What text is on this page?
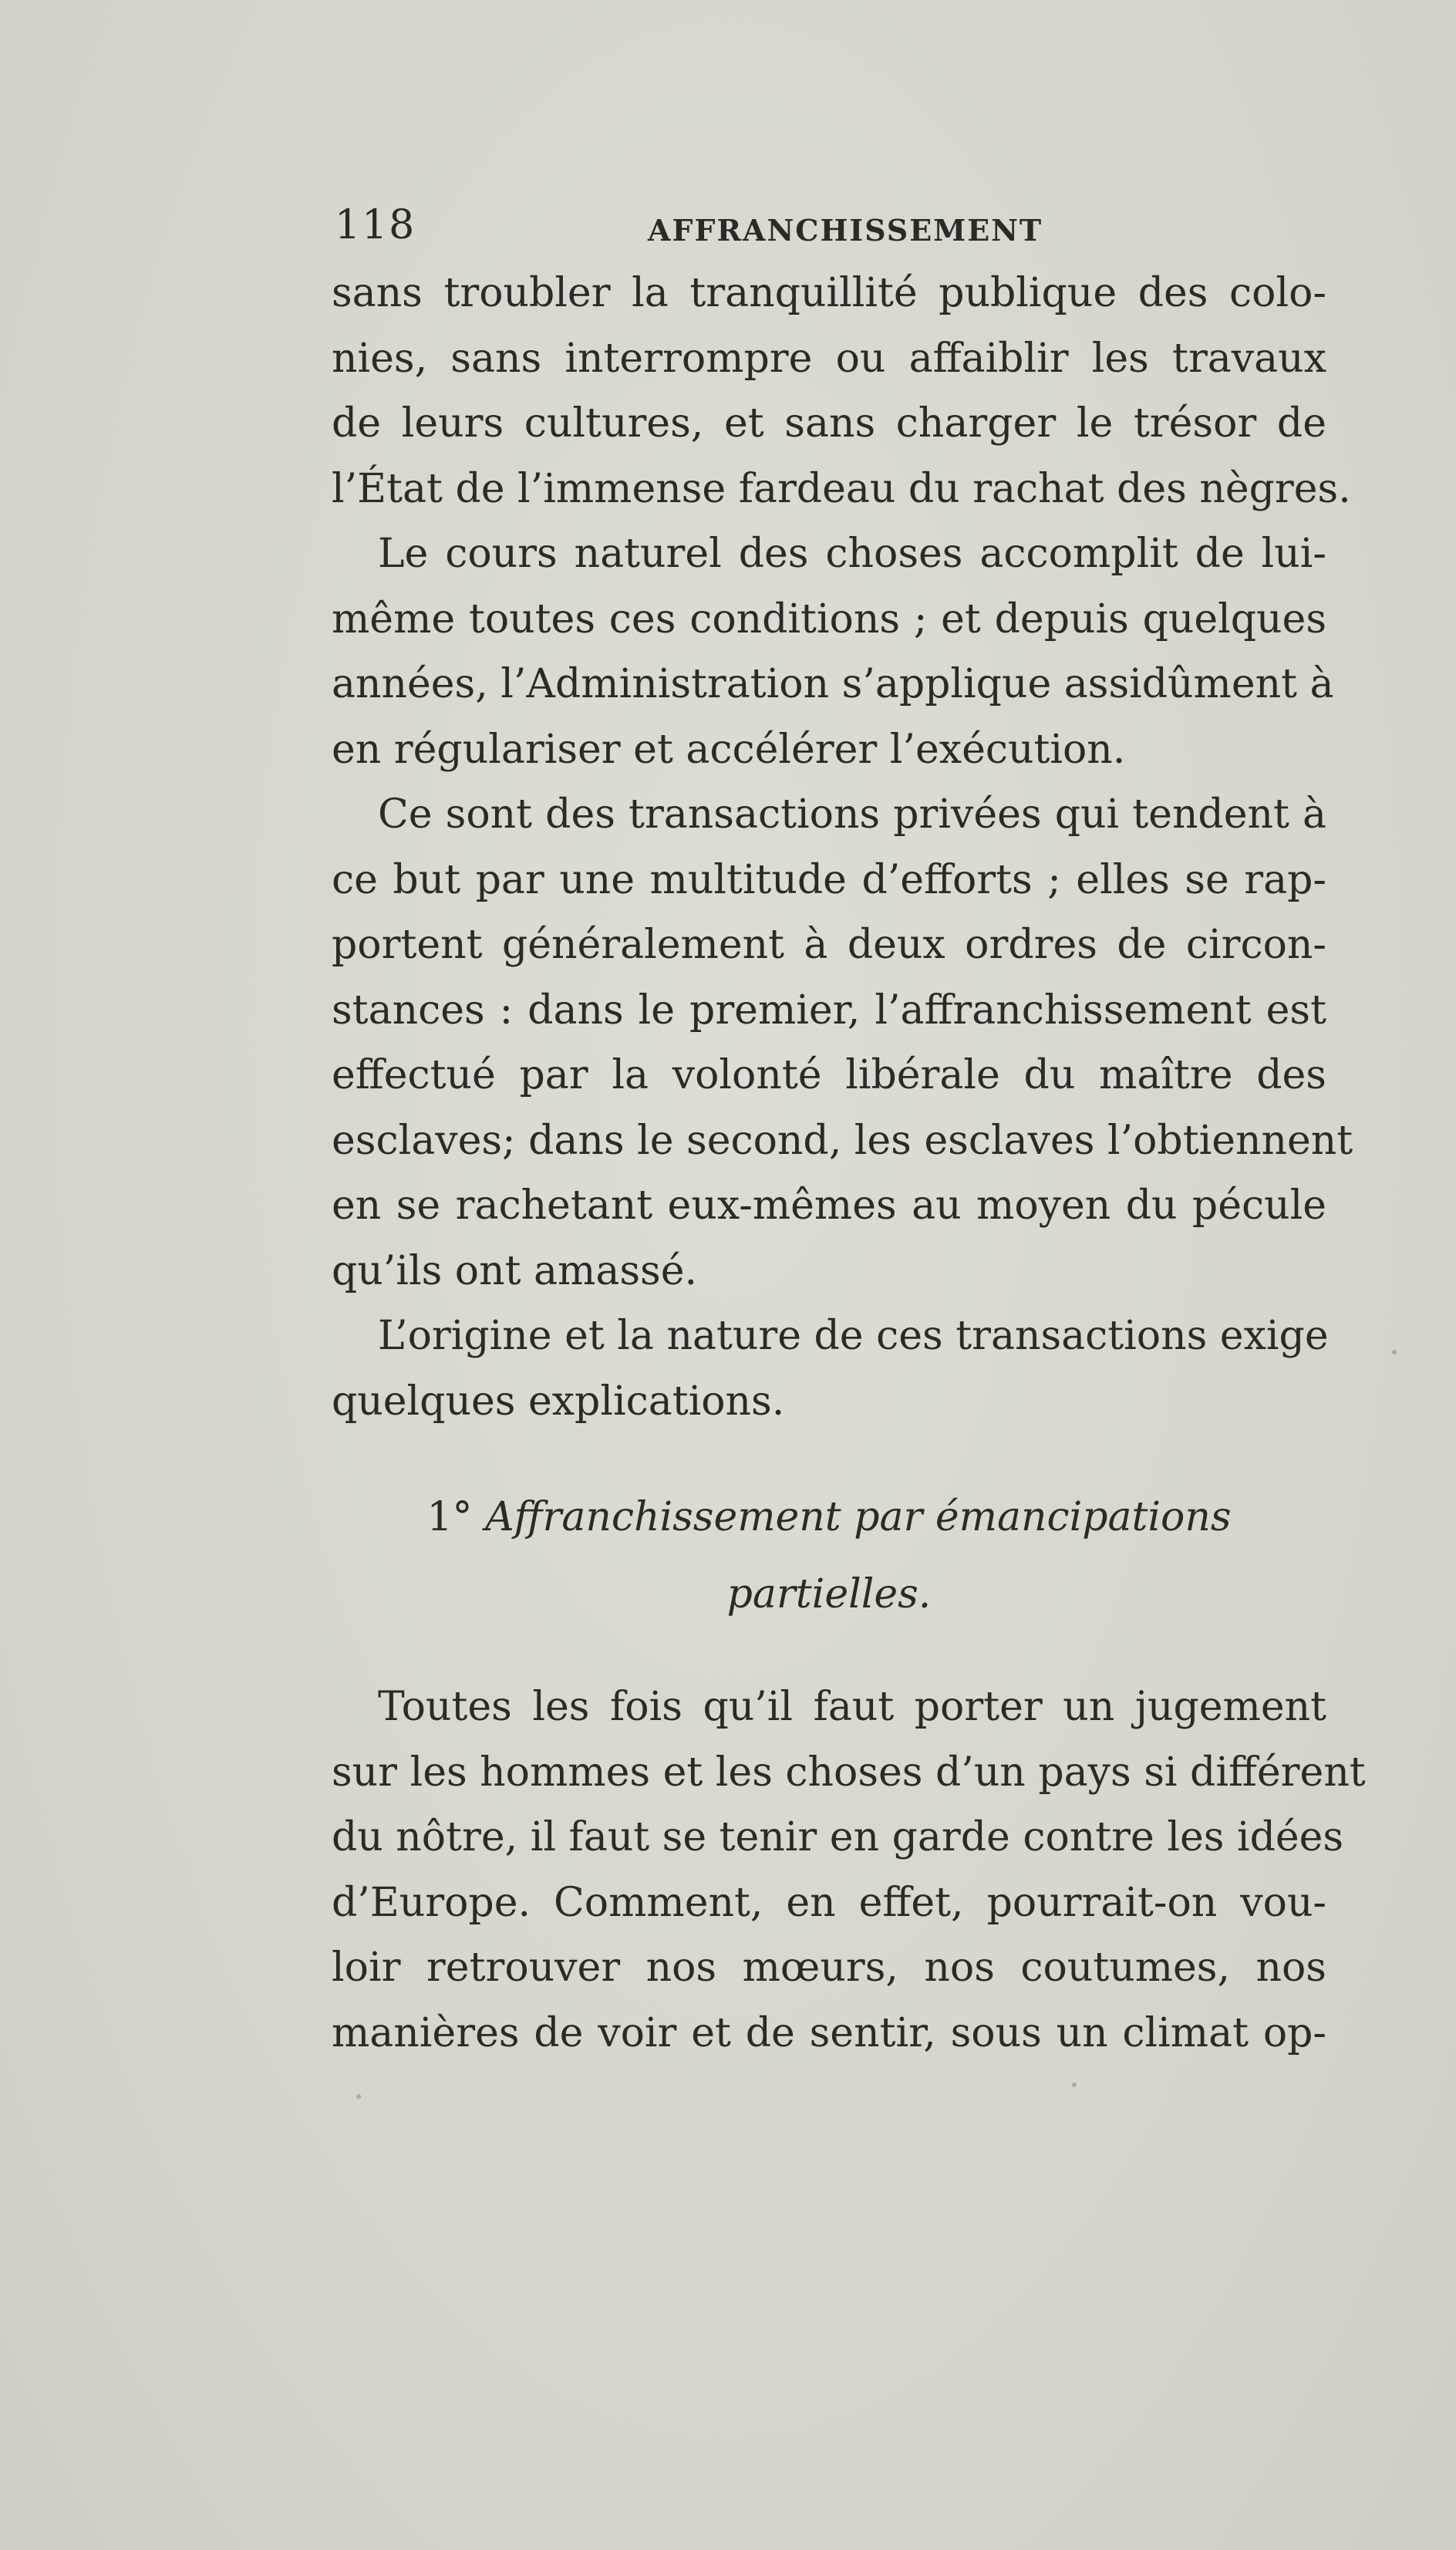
118	AFFRANCHISSEMENT
sans troubler la tranquillité publique des colo-
nies, sans interrompre ou affaiblir les travaux
de leurs cultures, et sans charger le trésor de
l’État de l’immense fardeau du rachat des nègres.
Le cours naturel des choses accomplit de lui-
même toutes ces conditions ; et depuis quelques
années, l’Administration s’applique assidûment à
en régulariser et accélérer l’exécution.
Ce sont des transactions privées qui tendent à
ce but par une multitude d’efforts ; elles se rap-
portent généralement à deux ordres de circon-
stances : dans le premier, l’affranchissement est
effectué par la volonté libérale du maître des
esclaves; dans le second, les esclaves l’obtiennent
en se rachetant eux-mêmes au moyen du pécule
qu’ils ont amassé.
L’origine et la nature de ces transactions exige
quelques explications.
1° Affranchissement par émancipations
partielles.
Toutes les fois qu’il faut porter un jugement
sur les hommes et les choses d’un pays si différent
du nôtre, il faut se tenir en garde contre les idées
d’Europe. Comment, en effet, pourrait-on vou-
loir retrouver nos mœurs, nos coutumes, nos
manières de voir et de sentir, sous un climat op-
